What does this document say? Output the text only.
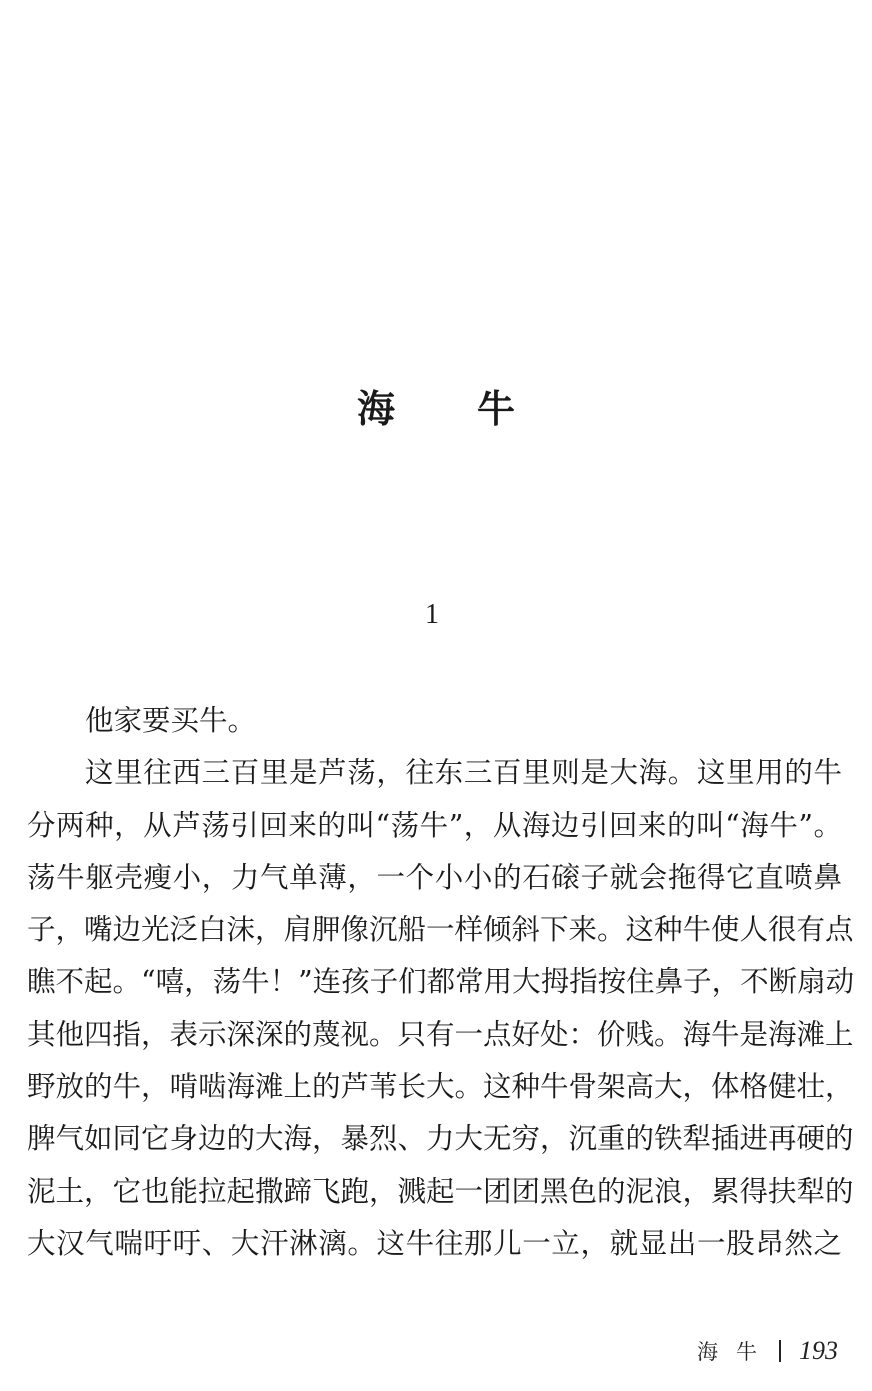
海 牛
1
他家要买牛。
这里往西三百里是芦荡，往东三百里则是大海。这里用的牛
分两种，从芦荡引回来的叫“荡牛”，从海边引回来的叫“海牛”。
荡牛躯壳瘦小，力气单薄，一个小小的石磙子就会拖得它直喷鼻
子，嘴边光泛白沫，肩胛像沉船一样倾斜下来。这种牛使人很有点
瞧不起。“嘻，荡牛！”连孩子们都常用大拇指按住鼻子，不断扇动
其他四指，表示深深的蔑视。只有一点好处：价贱。海牛是海滩上
野放的牛，啃啮海滩上的芦苇长大。这种牛骨架高大，体格健壮，
脾气如同它身边的大海，暴烈、力大无穷，沉重的铁犁插进再硬的
泥土，它也能拉起撒蹄飞跑，溅起一团团黑色的泥浪，累得扶犁的
大汉气喘吁吁、大汗淋漓。这牛往那儿一立，就显出一股昂然之
海牛 193
